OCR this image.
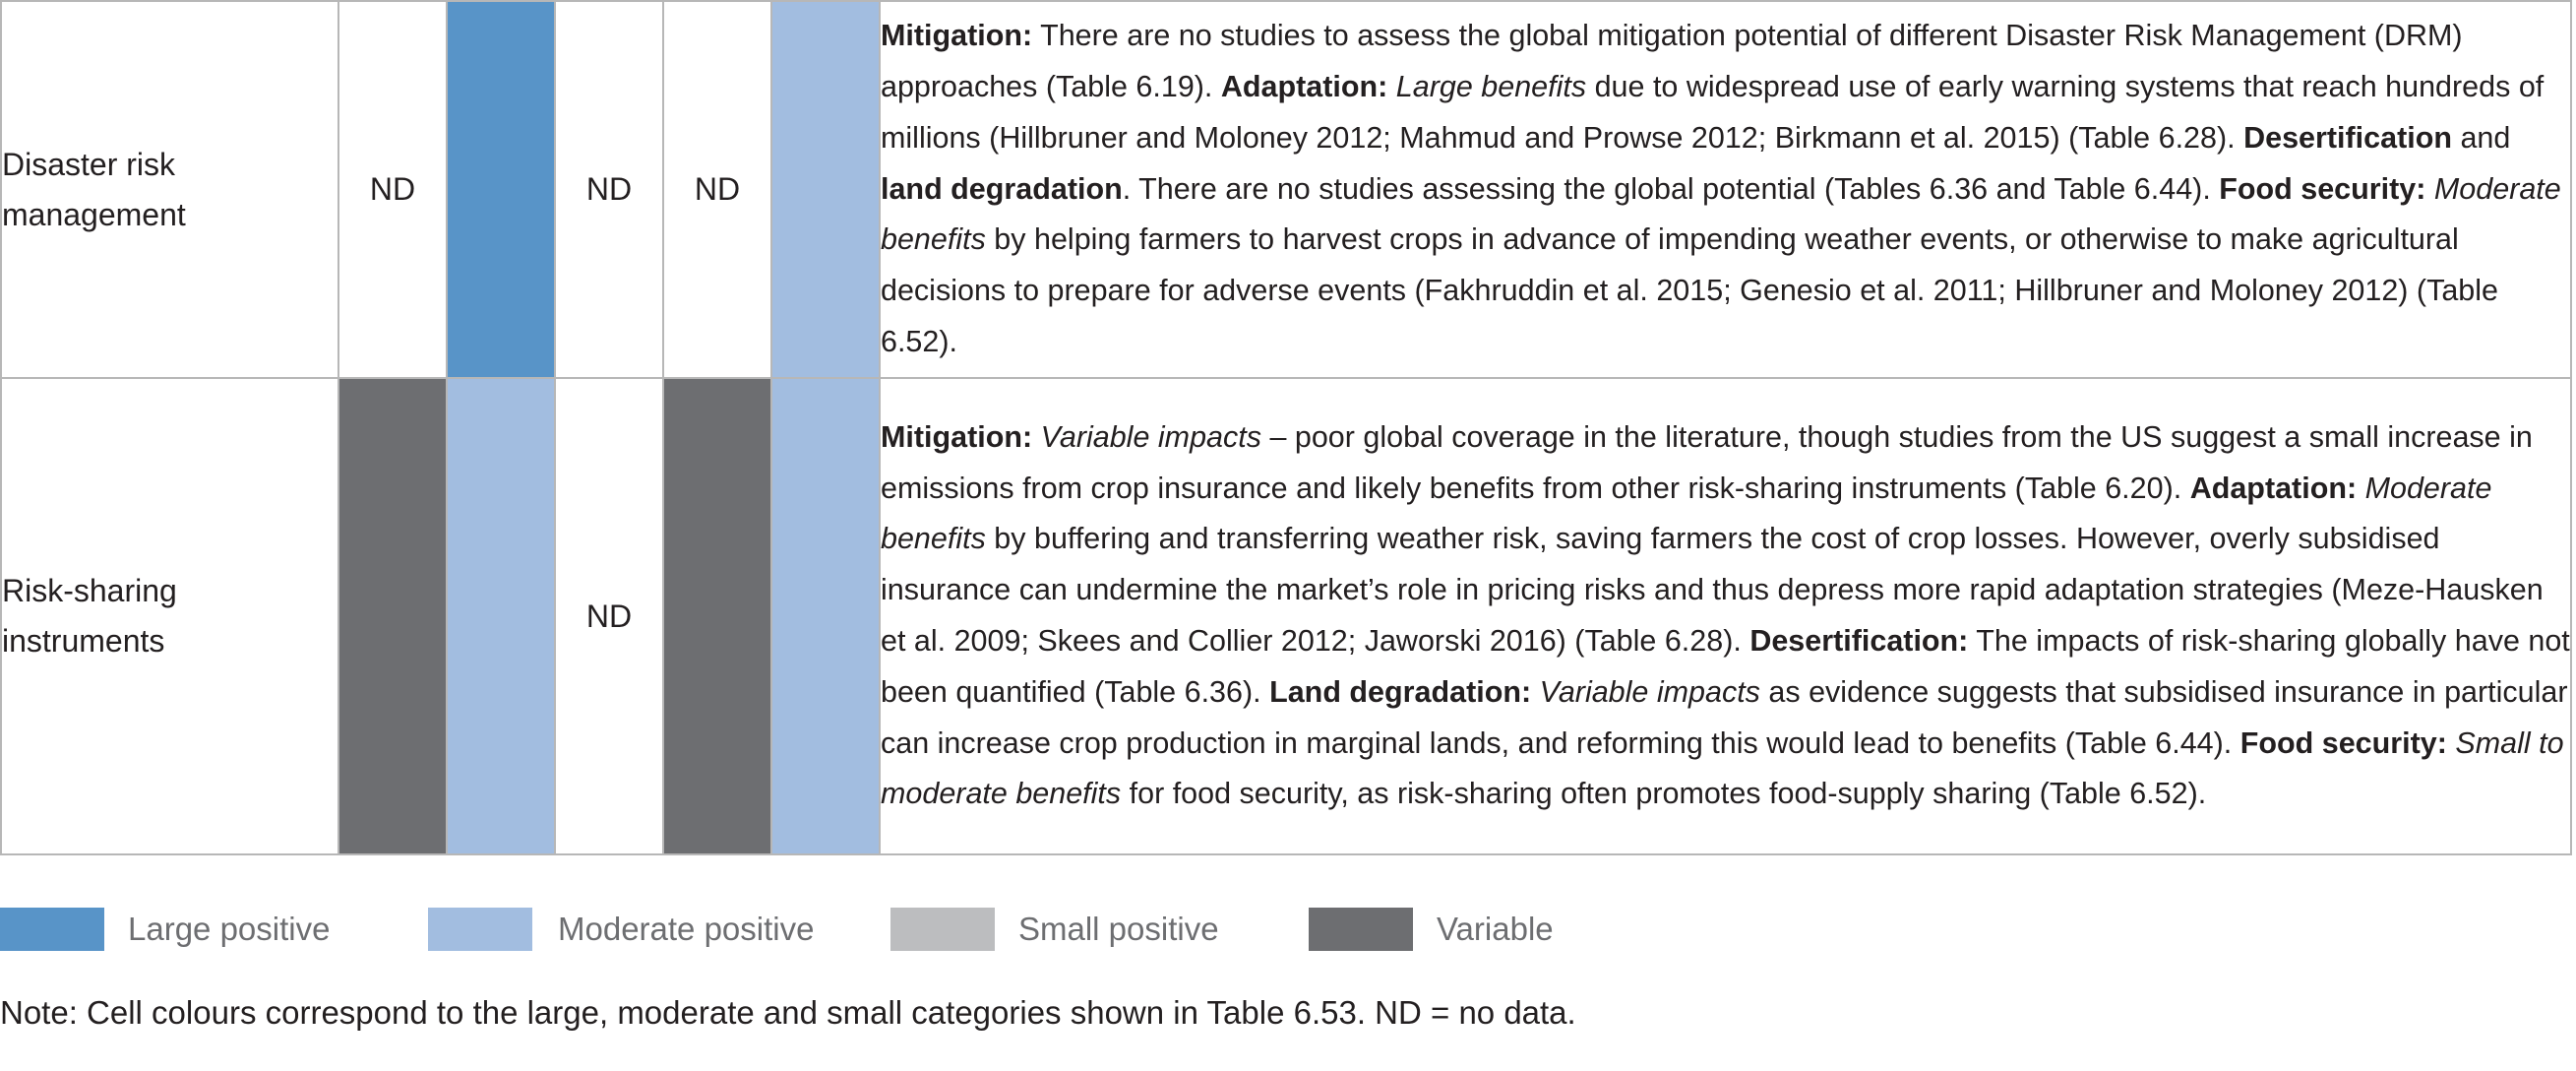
Disaster risk
management	ND		ND	ND		Mitigation: There are no studies to assess the global mitigation potential of different Disaster Risk Management (DRM) approaches (Table 6.19). Adaptation: Large benefits due to widespread use of early warning systems that reach hundreds of millions (Hillbruner and Moloney 2012; Mahmud and Prowse 2012; Birkmann et al. 2015) (Table 6.28). Desertification and land degradation. There are no studies assessing the global potential (Tables 6.36 and Table 6.44). Food security: Moderate benefits by helping farmers to harvest crops in advance of impending weather events, or otherwise to make agricultural decisions to prepare for adverse events (Fakhruddin et al. 2015; Genesio et al. 2011; Hillbruner and Moloney 2012) (Table 6.52).
Risk-sharing
instruments			ND			Mitigation: Variable impacts – poor global coverage in the literature, though studies from the US suggest a small increase in emissions from crop insurance and likely benefits from other risk-sharing instruments (Table 6.20). Adaptation: Moderate benefits by buffering and transferring weather risk, saving farmers the cost of crop losses. However, overly subsidised insurance can undermine the market’s role in pricing risks and thus depress more rapid adaptation strategies (Meze-Hausken et al. 2009; Skees and Collier 2012; Jaworski 2016) (Table 6.28). Desertification: The impacts of risk-sharing globally have not been quantified (Table 6.36). Land degradation: Variable impacts as evidence suggests that subsidised insurance in particular can increase crop production in marginal lands, and reforming this would lead to benefits (Table 6.44). Food security: Small to moderate benefits for food security, as risk-sharing often promotes food-supply sharing (Table 6.52).
Large positive	Moderate positive	Small positive	Variable
Note: Cell colours correspond to the large, moderate and small categories shown in Table 6.53. ND = no data.
